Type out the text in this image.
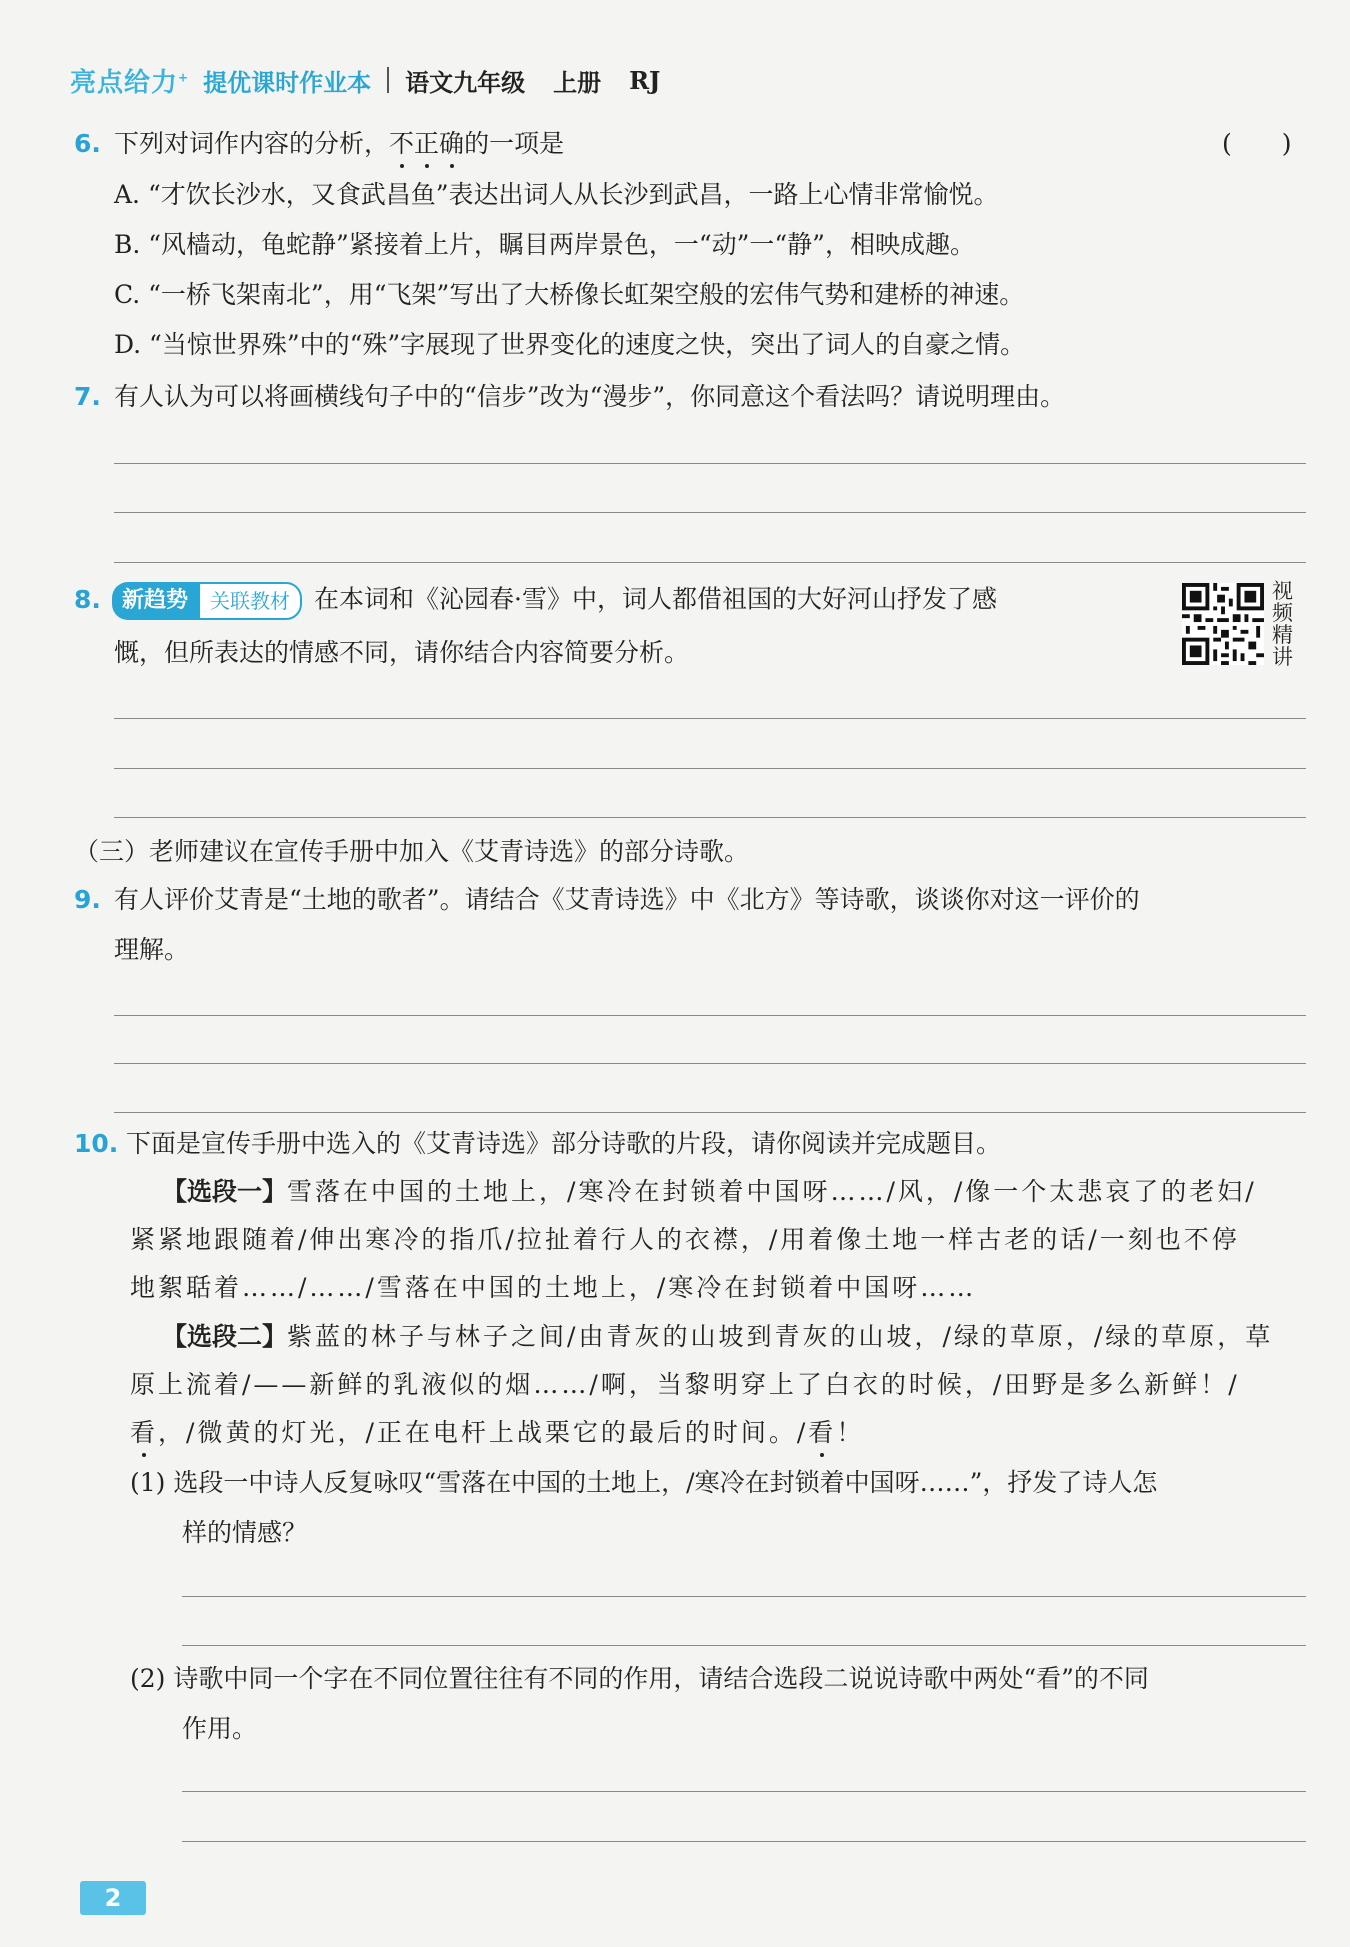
亮点给力+ 提优课时作业本 语文九年级 上册 RJ
6. 下列对词作内容的分析，不正确的一项是	(　　)
A. “才饮长沙水，又食武昌鱼”表达出词人从长沙到武昌，一路上心情非常愉悦。
B. “风樯动，龟蛇静”紧接着上片，瞩目两岸景色，一“动”一“静”，相映成趣。
C. “一桥飞架南北”，用“飞架”写出了大桥像长虹架空般的宏伟气势和建桥的神速。
D. “当惊世界殊”中的“殊”字展现了世界变化的速度之快，突出了词人的自豪之情。
7. 有人认为可以将画横线句子中的“信步”改为“漫步”，你同意这个看法吗？请说明理由。
8. 新趋势	关联教材 在本词和《沁园春·雪》中，词人都借祖国的大好河山抒发了感
慨，但所表达的情感不同，请你结合内容简要分析。
视
频
精
讲
（三）老师建议在宣传手册中加入《艾青诗选》的部分诗歌。
9. 有人评价艾青是“土地的歌者”。请结合《艾青诗选》中《北方》等诗歌，谈谈你对这一评价的
理解。
10. 下面是宣传手册中选入的《艾青诗选》部分诗歌的片段，请你阅读并完成题目。
【选段一】雪落在中国的土地上，/寒冷在封锁着中国呀……/风，/像一个太悲哀了的老妇/
紧紧地跟随着/伸出寒冷的指爪/拉扯着行人的衣襟，/用着像土地一样古老的话/一刻也不停
地絮聒着……/……/雪落在中国的土地上，/寒冷在封锁着中国呀……
【选段二】紫蓝的林子与林子之间/由青灰的山坡到青灰的山坡，/绿的草原，/绿的草原，草
原上流着/——新鲜的乳液似的烟……/啊，当黎明穿上了白衣的时候，/田野是多么新鲜！/
看，/微黄的灯光，/正在电杆上战栗它的最后的时间。/看！
(1) 选段一中诗人反复咏叹“雪落在中国的土地上，/寒冷在封锁着中国呀……”，抒发了诗人怎
样的情感？
(2) 诗歌中同一个字在不同位置往往有不同的作用，请结合选段二说说诗歌中两处“看”的不同
作用。
2
